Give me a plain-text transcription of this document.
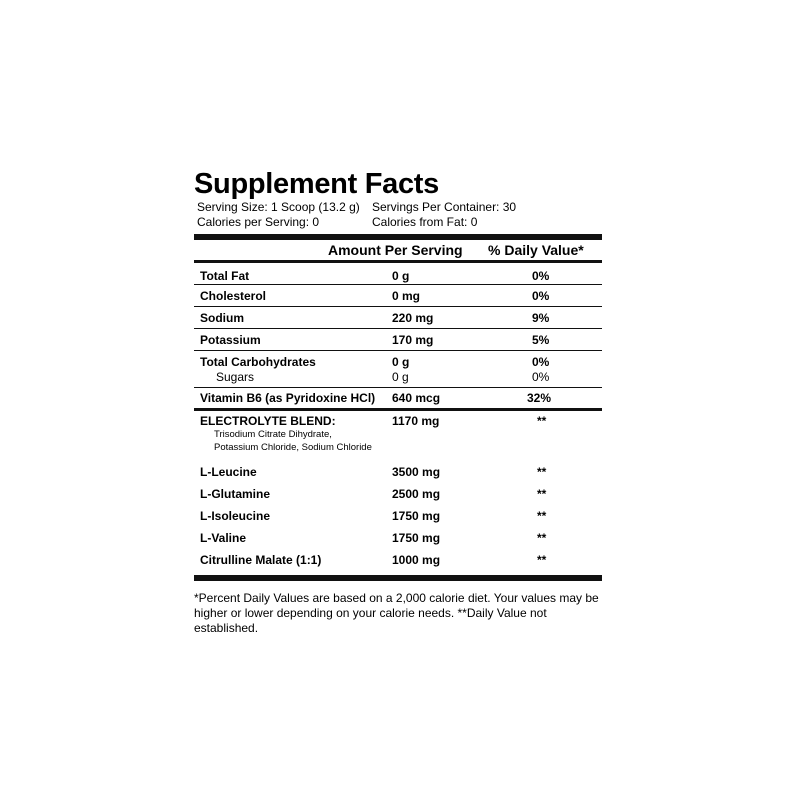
Supplement Facts
Serving Size: 1 Scoop (13.2 g) Servings Per Container: 30
Calories per Serving: 0	Calories from Fat: 0
Amount Per Serving % Daily Value*
Total Fat	0 g	0%
Cholesterol	0 mg	0%
Sodium	220 mg	9%
Potassium	170 mg	5%
Total Carbohydrates	0 g	0%
Sugars	0 g	0%
Vitamin B6 (as Pyridoxine HCl) 640 mcg	32%
ELECTROLYTE BLEND:	1170 mg	**
Trisodium Citrate Dihydrate,
Potassium Chloride, Sodium Chloride
L-Leucine	3500 mg	**
L-Glutamine	2500 mg	**
L-Isoleucine	1750 mg	**
L-Valine	1750 mg	**
Citrulline Malate (1:1)	1000 mg	**
*Percent Daily Values are based on a 2,000 calorie diet. Your values may be higher or lower depending on your calorie needs. **Daily Value not established.
